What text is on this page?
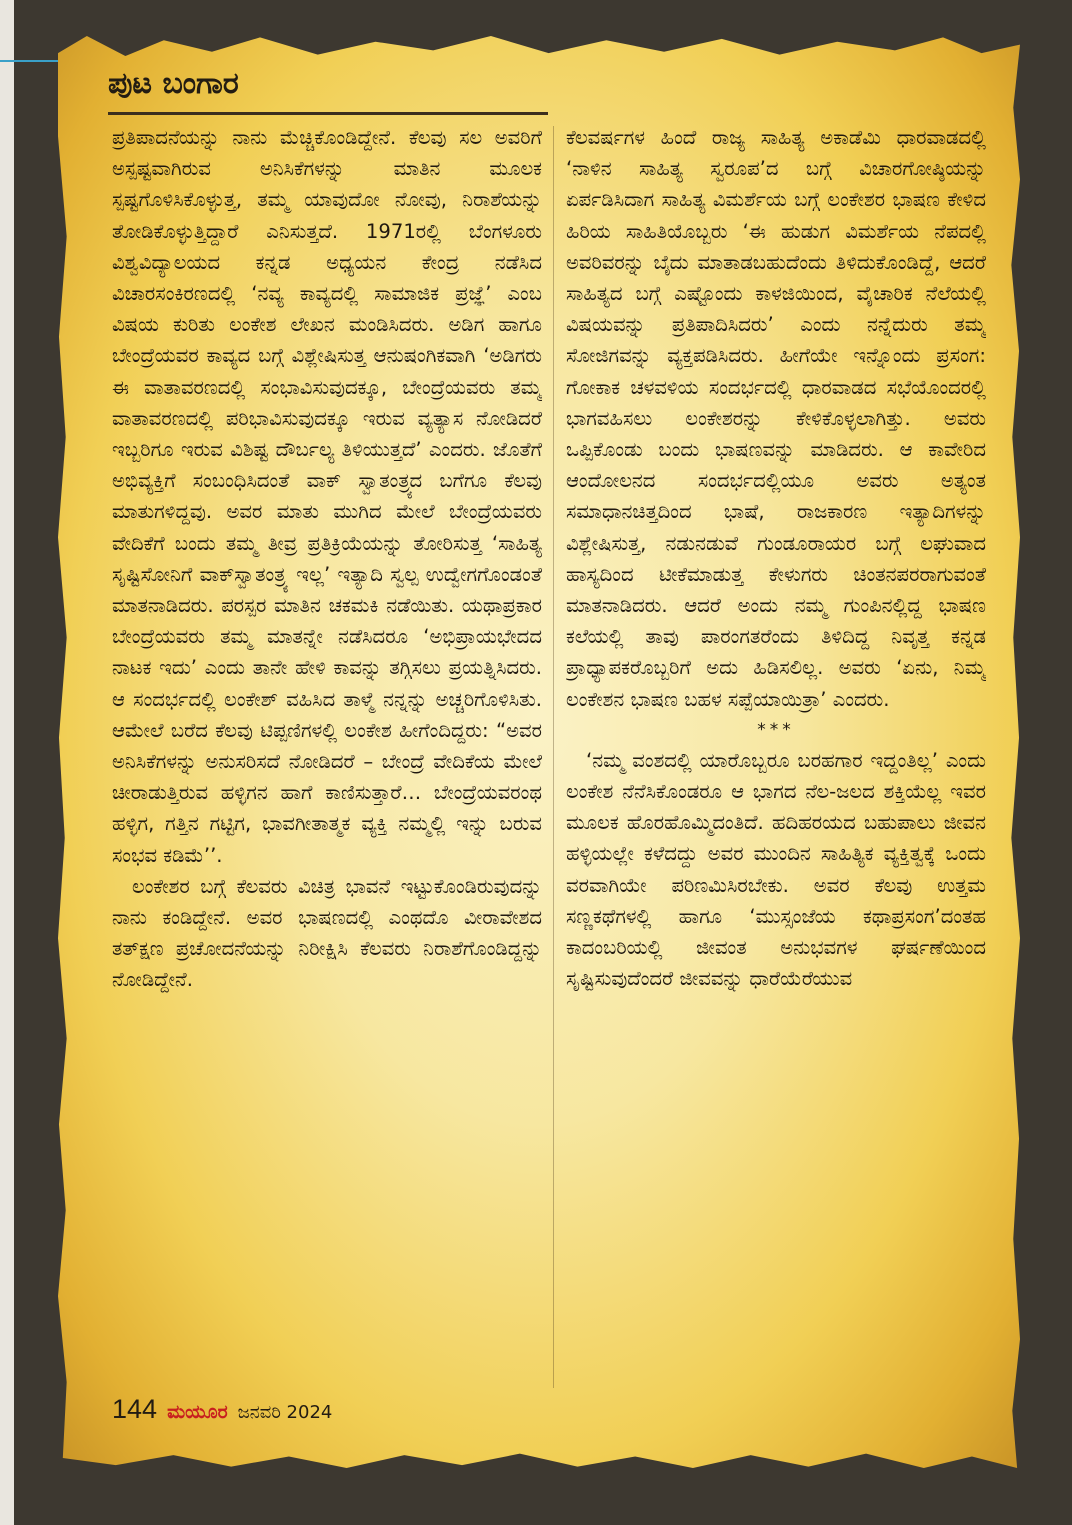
ಪುಟ ಬಂಗಾರ

ಪ್ರತಿಪಾದನೆಯನ್ನು ನಾನು ಮೆಚ್ಚಿಕೊಂಡಿದ್ದೇನೆ. ಕೆಲವು ಸಲ ಅವರಿಗೆ ಅಸ್ಪಷ್ಟವಾಗಿರುವ ಅನಿಸಿಕೆಗಳನ್ನು ಮಾತಿನ ಮೂಲಕ ಸ್ಪಷ್ಟಗೊಳಿಸಿಕೊಳ್ಳುತ್ತ, ತಮ್ಮ ಯಾವುದೋ ನೋವು, ನಿರಾಶೆಯನ್ನು ತೋಡಿಕೊಳ್ಳುತ್ತಿದ್ದಾರೆ ಎನಿಸುತ್ತದೆ. 1971ರಲ್ಲಿ ಬೆಂಗಳೂರು ವಿಶ್ವವಿದ್ಯಾಲಯದ ಕನ್ನಡ ಅಧ್ಯಯನ ಕೇಂದ್ರ ನಡೆಸಿದ ವಿಚಾರಸಂಕಿರಣದಲ್ಲಿ ‘ನವ್ಯ ಕಾವ್ಯದಲ್ಲಿ ಸಾಮಾಜಿಕ ಪ್ರಜ್ಞೆ’ ಎಂಬ ವಿಷಯ ಕುರಿತು ಲಂಕೇಶ ಲೇಖನ ಮಂಡಿಸಿದರು. ಅಡಿಗ ಹಾಗೂ ಬೇಂದ್ರೆಯವರ ಕಾವ್ಯದ ಬಗ್ಗೆ ವಿಶ್ಲೇಷಿಸುತ್ತ ಆನುಷಂಗಿಕವಾಗಿ ‘ಅಡಿಗರು ಈ ವಾತಾವರಣದಲ್ಲಿ ಸಂಭಾವಿಸುವುದಕ್ಕೂ, ಬೇಂದ್ರೆಯವರು ತಮ್ಮ ವಾತಾವರಣದಲ್ಲಿ ಪರಿಭಾವಿಸುವುದಕ್ಕೂ ಇರುವ ವ್ಯತ್ಯಾಸ ನೋಡಿದರೆ ಇಬ್ಬರಿಗೂ ಇರುವ ವಿಶಿಷ್ಟ ದೌರ್ಬಲ್ಯ ತಿಳಿಯುತ್ತದೆ’ ಎಂದರು. ಜೊತೆಗೆ ಅಭಿವ್ಯಕ್ತಿಗೆ ಸಂಬಂಧಿಸಿದಂತೆ ವಾಕ್ ಸ್ವಾತಂತ್ರ್ಯದ ಬಗೆಗೂ ಕೆಲವು ಮಾತುಗಳಿದ್ದವು. ಅವರ ಮಾತು ಮುಗಿದ ಮೇಲೆ ಬೇಂದ್ರೆಯವರು ವೇದಿಕೆಗೆ ಬಂದು ತಮ್ಮ ತೀವ್ರ ಪ್ರತಿಕ್ರಿಯೆಯನ್ನು ತೋರಿಸುತ್ತ ‘ಸಾಹಿತ್ಯ ಸೃಷ್ಟಿಸೋನಿಗೆ ವಾಕ್‌ಸ್ವಾತಂತ್ರ್ಯ ಇಲ್ಲ’ ಇತ್ಯಾದಿ ಸ್ವಲ್ಪ ಉದ್ವೇಗಗೊಂಡಂತೆ ಮಾತನಾಡಿದರು. ಪರಸ್ಪರ ಮಾತಿನ ಚಕಮಕಿ ನಡೆಯಿತು. ಯಥಾಪ್ರಕಾರ ಬೇಂದ್ರೆಯವರು ತಮ್ಮ ಮಾತನ್ನೇ ನಡೆಸಿದರೂ ‘ಅಭಿಪ್ರಾಯಭೇದದ ನಾಟಕ ಇದು’ ಎಂದು ತಾನೇ ಹೇಳಿ ಕಾವನ್ನು ತಗ್ಗಿಸಲು ಪ್ರಯತ್ನಿಸಿದರು. ಆ ಸಂದರ್ಭದಲ್ಲಿ ಲಂಕೇಶ್ ವಹಿಸಿದ ತಾಳ್ಮೆ ನನ್ನನ್ನು ಅಚ್ಚರಿಗೊಳಿಸಿತು. ಆಮೇಲೆ ಬರೆದ ಕೆಲವು ಟಿಪ್ಪಣಿಗಳಲ್ಲಿ ಲಂಕೇಶ ಹೀಗೆಂದಿದ್ದರು: “ಅವರ ಅನಿಸಿಕೆಗಳನ್ನು ಅನುಸರಿಸದೆ ನೋಡಿದರೆ – ಬೇಂದ್ರೆ ವೇದಿಕೆಯ ಮೇಲೆ ಚೀರಾಡುತ್ತಿರುವ ಹಳ್ಳಿಗನ ಹಾಗೆ ಕಾಣಿಸುತ್ತಾರೆ… ಬೇಂದ್ರೆಯವರಂಥ ಹಳ್ಳಿಗ, ಗತ್ತಿನ ಗಟ್ಟಿಗ, ಭಾವಗೀತಾತ್ಮಕ ವ್ಯಕ್ತಿ ನಮ್ಮಲ್ಲಿ ಇನ್ನು ಬರುವ ಸಂಭವ ಕಡಿಮೆ’’.

ಲಂಕೇಶರ ಬಗ್ಗೆ ಕೆಲವರು ವಿಚಿತ್ರ ಭಾವನೆ ಇಟ್ಟುಕೊಂಡಿರುವುದನ್ನು ನಾನು ಕಂಡಿದ್ದೇನೆ. ಅವರ ಭಾಷಣದಲ್ಲಿ ಎಂಥದೊ ವೀರಾವೇಶದ ತತ್‌ಕ್ಷಣ ಪ್ರಚೋದನೆಯನ್ನು ನಿರೀಕ್ಷಿಸಿ ಕೆಲವರು ನಿರಾಶೆಗೊಂಡಿದ್ದನ್ನು ನೋಡಿದ್ದೇನೆ.

ಕೆಲವರ್ಷಗಳ ಹಿಂದೆ ರಾಜ್ಯ ಸಾಹಿತ್ಯ ಅಕಾಡೆಮಿ ಧಾರವಾಡದಲ್ಲಿ ‘ನಾಳಿನ ಸಾಹಿತ್ಯ ಸ್ವರೂಪ’ದ ಬಗ್ಗೆ ವಿಚಾರಗೋಷ್ಠಿಯನ್ನು ಏರ್ಪಡಿಸಿದಾಗ ಸಾಹಿತ್ಯ ವಿಮರ್ಶೆಯ ಬಗ್ಗೆ ಲಂಕೇಶರ ಭಾಷಣ ಕೇಳಿದ ಹಿರಿಯ ಸಾಹಿತಿಯೊಬ್ಬರು ‘ಈ ಹುಡುಗ ವಿಮರ್ಶೆಯ ನೆಪದಲ್ಲಿ ಅವರಿವರನ್ನು ಬೈದು ಮಾತಾಡಬಹುದೆಂದು ತಿಳಿದುಕೊಂಡಿದ್ದೆ, ಆದರೆ ಸಾಹಿತ್ಯದ ಬಗ್ಗೆ ಎಷ್ಟೊಂದು ಕಾಳಜಿಯಿಂದ, ವೈಚಾರಿಕ ನೆಲೆಯಲ್ಲಿ ವಿಷಯವನ್ನು ಪ್ರತಿಪಾದಿಸಿದರು’ ಎಂದು ನನ್ನೆದುರು ತಮ್ಮ ಸೋಜಿಗವನ್ನು ವ್ಯಕ್ತಪಡಿಸಿದರು. ಹೀಗೆಯೇ ಇನ್ನೊಂದು ಪ್ರಸಂಗ: ಗೋಕಾಕ ಚಳವಳಿಯ ಸಂದರ್ಭದಲ್ಲಿ ಧಾರವಾಡದ ಸಭೆಯೊಂದರಲ್ಲಿ ಭಾಗವಹಿಸಲು ಲಂಕೇಶರನ್ನು ಕೇಳಿಕೊಳ್ಳಲಾಗಿತ್ತು. ಅವರು ಒಪ್ಪಿಕೊಂಡು ಬಂದು ಭಾಷಣವನ್ನು ಮಾಡಿದರು. ಆ ಕಾವೇರಿದ ಆಂದೋಲನದ ಸಂದರ್ಭದಲ್ಲಿಯೂ ಅವರು ಅತ್ಯಂತ ಸಮಾಧಾನಚಿತ್ತದಿಂದ ಭಾಷೆ, ರಾಜಕಾರಣ ಇತ್ಯಾದಿಗಳನ್ನು ವಿಶ್ಲೇಷಿಸುತ್ತ, ನಡುನಡುವೆ ಗುಂಡೂರಾಯರ ಬಗ್ಗೆ ಲಘುವಾದ ಹಾಸ್ಯದಿಂದ ಟೀಕೆಮಾಡುತ್ತ ಕೇಳುಗರು ಚಿಂತನಪರರಾಗುವಂತೆ ಮಾತನಾಡಿದರು. ಆದರೆ ಅಂದು ನಮ್ಮ ಗುಂಪಿನಲ್ಲಿದ್ದ ಭಾಷಣ ಕಲೆಯಲ್ಲಿ ತಾವು ಪಾರಂಗತರೆಂದು ತಿಳಿದಿದ್ದ ನಿವೃತ್ತ ಕನ್ನಡ ಪ್ರಾಧ್ಯಾಪಕರೊಬ್ಬರಿಗೆ ಅದು ಹಿಡಿಸಲಿಲ್ಲ. ಅವರು ‘ಏನು, ನಿಮ್ಮ ಲಂಕೇಶನ ಭಾಷಣ ಬಹಳ ಸಪ್ಪೆಯಾಯಿತ್ರಾ’ ಎಂದರು.

***

‘ನಮ್ಮ ವಂಶದಲ್ಲಿ ಯಾರೊಬ್ಬರೂ ಬರಹಗಾರ ಇದ್ದಂತಿಲ್ಲ’ ಎಂದು ಲಂಕೇಶ ನೆನೆಸಿಕೊಂಡರೂ ಆ ಭಾಗದ ನೆಲ-ಜಲದ ಶಕ್ತಿಯೆಲ್ಲ ಇವರ ಮೂಲಕ ಹೊರಹೊಮ್ಮಿದಂತಿದೆ. ಹದಿಹರಯದ ಬಹುಪಾಲು ಜೀವನ ಹಳ್ಳಿಯಲ್ಲೇ ಕಳೆದದ್ದು ಅವರ ಮುಂದಿನ ಸಾಹಿತ್ಯಿಕ ವ್ಯಕ್ತಿತ್ವಕ್ಕೆ ಒಂದು ವರವಾಗಿಯೇ ಪರಿಣಮಿಸಿರಬೇಕು. ಅವರ ಕೆಲವು ಉತ್ತಮ ಸಣ್ಣಕಥೆಗಳಲ್ಲಿ ಹಾಗೂ ‘ಮುಸ್ಸಂಜೆಯ ಕಥಾಪ್ರಸಂಗ’ದಂತಹ ಕಾದಂಬರಿಯಲ್ಲಿ ಜೀವಂತ ಅನುಭವಗಳ ಘರ್ಷಣೆಯಿಂದ ಸೃಷ್ಟಿಸುವುದೆಂದರೆ ಜೀವವನ್ನು ಧಾರೆಯೆರೆಯುವ

144 ಮಯೂರ ಜನವರಿ 2024
